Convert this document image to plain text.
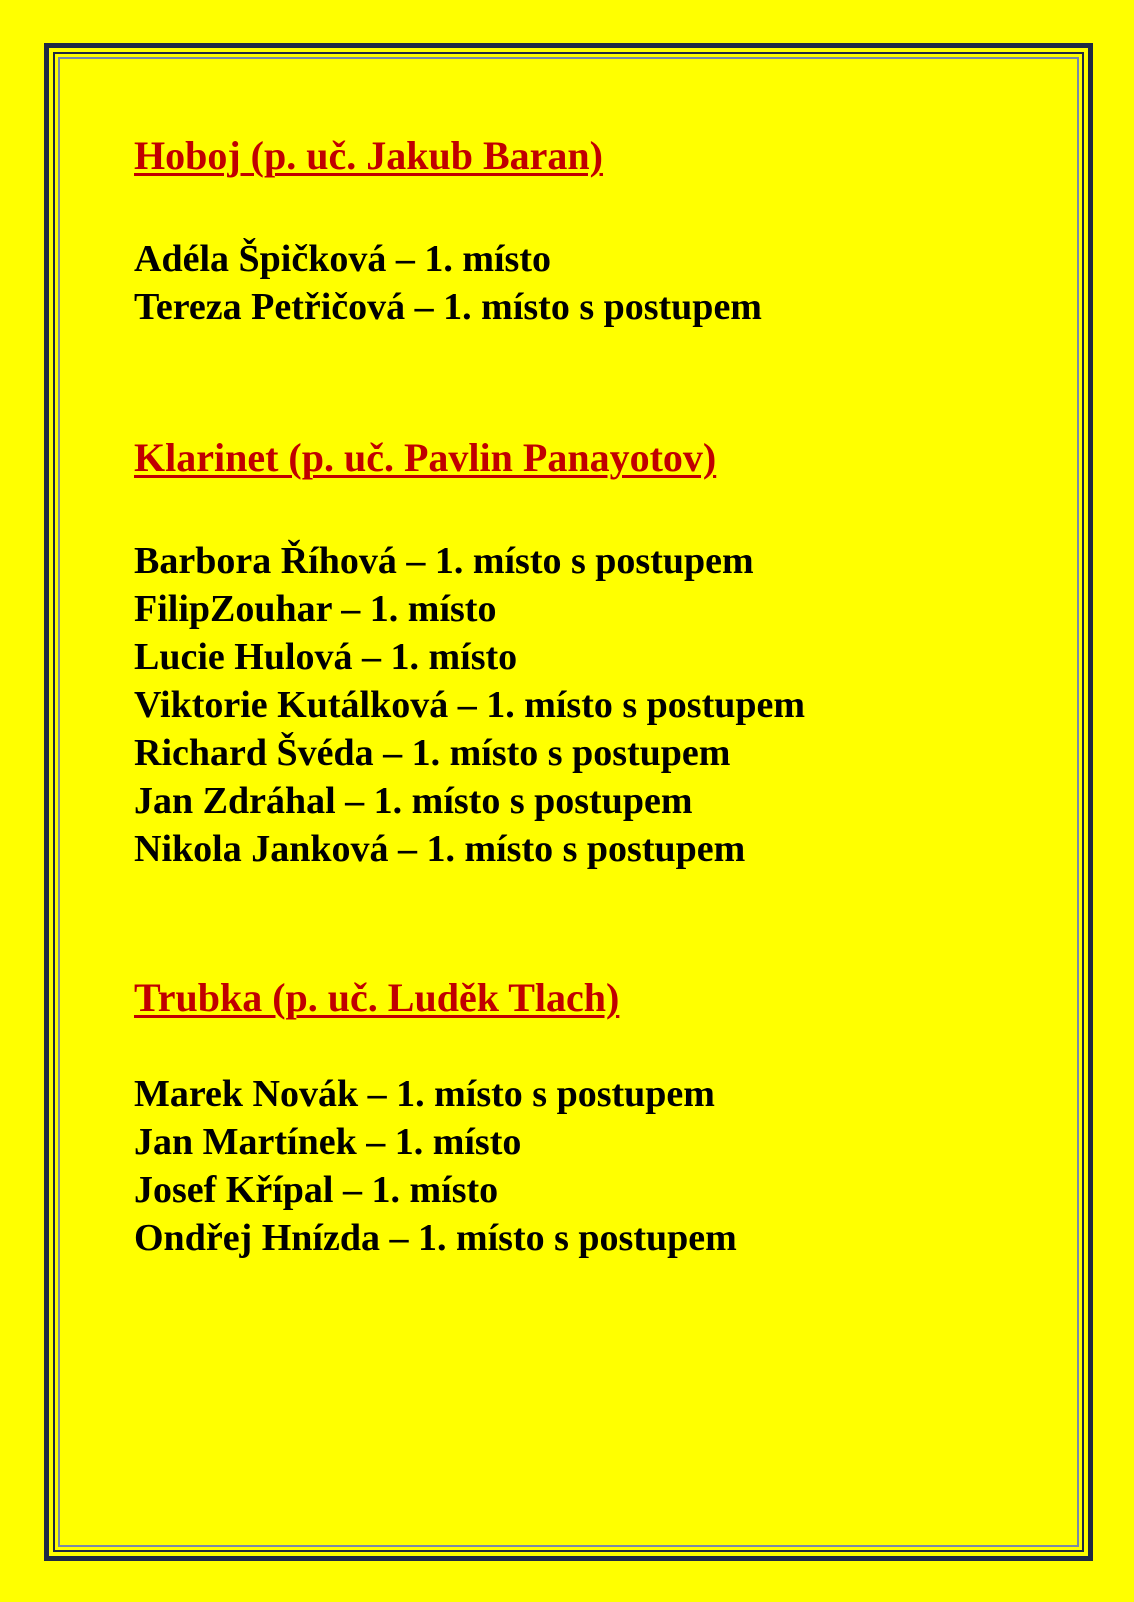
Hoboj (p. uč. Jakub Baran)
Adéla Špičková – 1. místo
Tereza Petřičová – 1. místo s postupem
Klarinet (p. uč. Pavlin Panayotov)
Barbora Říhová – 1. místo s postupem
FilipZouhar – 1. místo
Lucie Hulová – 1. místo
Viktorie Kutálková – 1. místo s postupem
Richard Švéda – 1. místo s postupem
Jan Zdráhal – 1. místo s postupem
Nikola Janková – 1. místo s postupem
Trubka (p. uč. Luděk Tlach)
Marek Novák – 1. místo s postupem
Jan Martínek – 1. místo
Josef Křípal – 1. místo
Ondřej Hnízda – 1. místo s postupem
